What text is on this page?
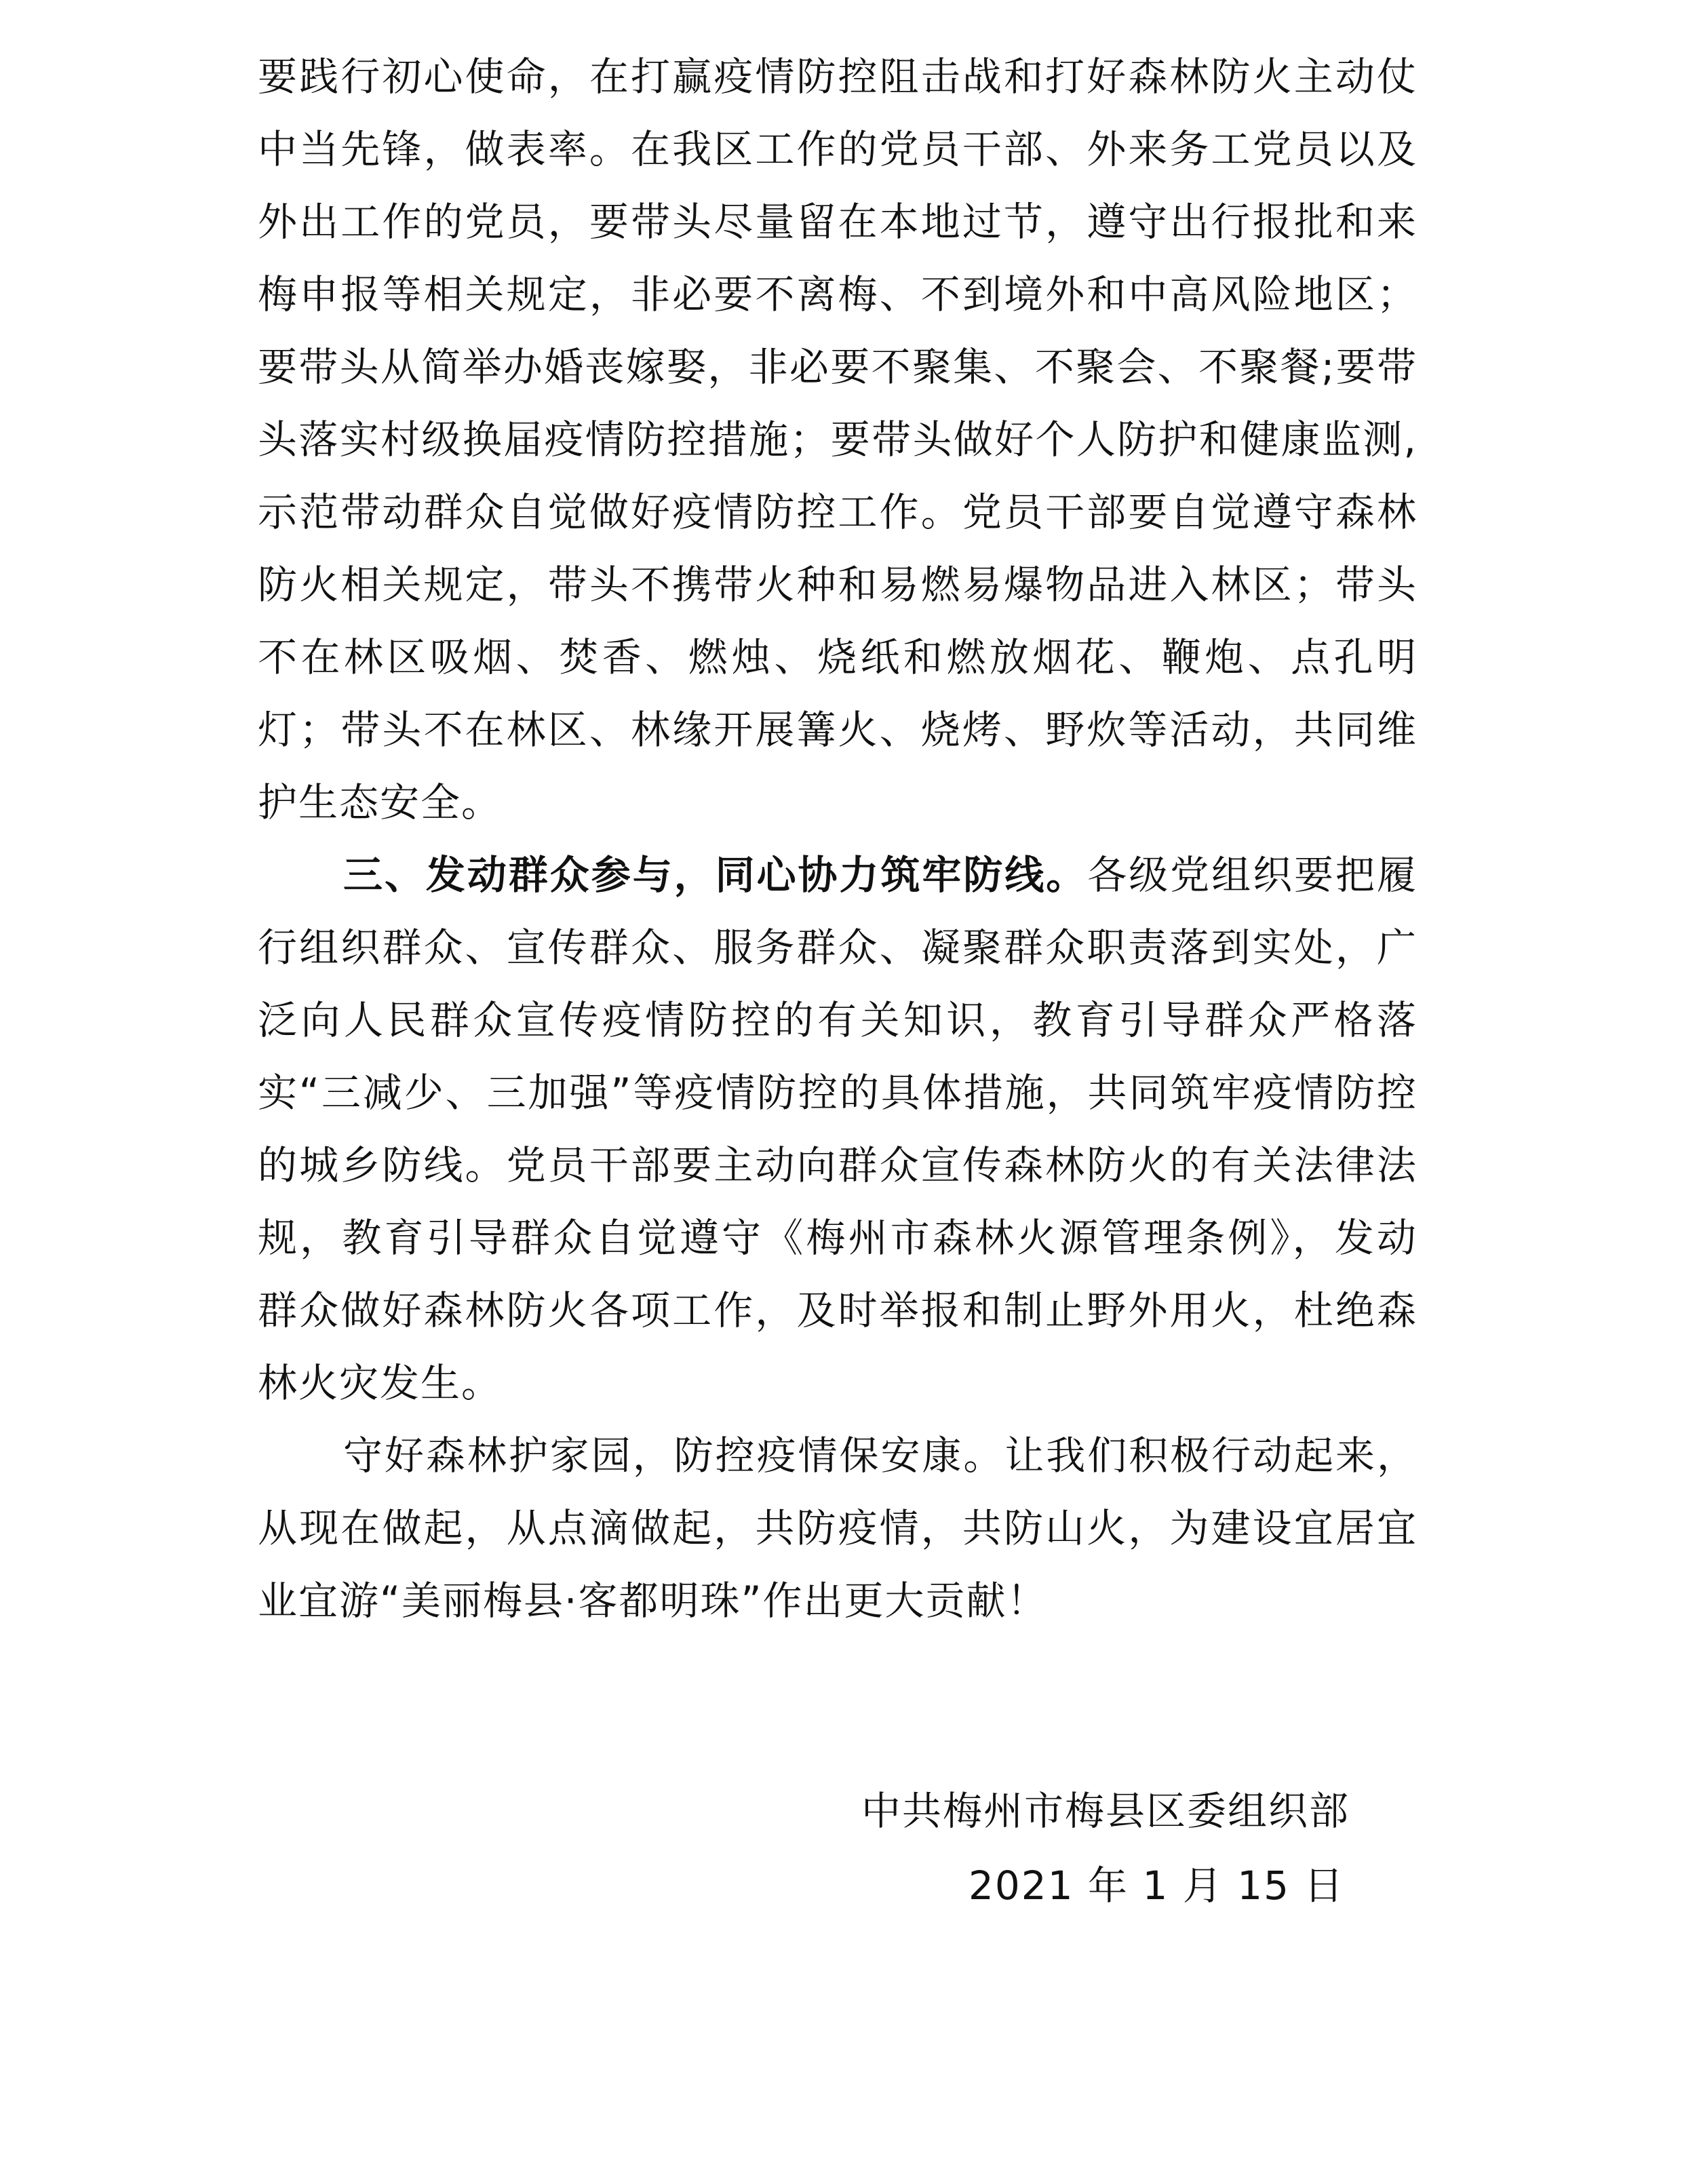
要践行初心使命，在打赢疫情防控阻击战和打好森林防火主动仗中当先锋，做表率。在我区工作的党员干部、外来务工党员以及外出工作的党员，要带头尽量留在本地过节，遵守出行报批和来梅申报等相关规定，非必要不离梅、不到境外和中高风险地区；要带头从简举办婚丧嫁娶，非必要不聚集、不聚会、不聚餐;要带头落实村级换届疫情防控措施；要带头做好个人防护和健康监测,示范带动群众自觉做好疫情防控工作。党员干部要自觉遵守森林防火相关规定，带头不携带火种和易燃易爆物品进入林区；带头不在林区吸烟、焚香、燃烛、烧纸和燃放烟花、鞭炮、点孔明灯；带头不在林区、林缘开展篝火、烧烤、野炊等活动，共同维护生态安全。

三、发动群众参与，同心协力筑牢防线。各级党组织要把履行组织群众、宣传群众、服务群众、凝聚群众职责落到实处，广泛向人民群众宣传疫情防控的有关知识，教育引导群众严格落实“三减少、三加强”等疫情防控的具体措施，共同筑牢疫情防控的城乡防线。党员干部要主动向群众宣传森林防火的有关法律法规，教育引导群众自觉遵守《梅州市森林火源管理条例》，发动群众做好森林防火各项工作，及时举报和制止野外用火，杜绝森林火灾发生。

守好森林护家园，防控疫情保安康。让我们积极行动起来，从现在做起，从点滴做起，共防疫情，共防山火，为建设宜居宜业宜游“美丽梅县·客都明珠”作出更大贡献！

中共梅州市梅县区委组织部
2021 年 1 月 15 日
